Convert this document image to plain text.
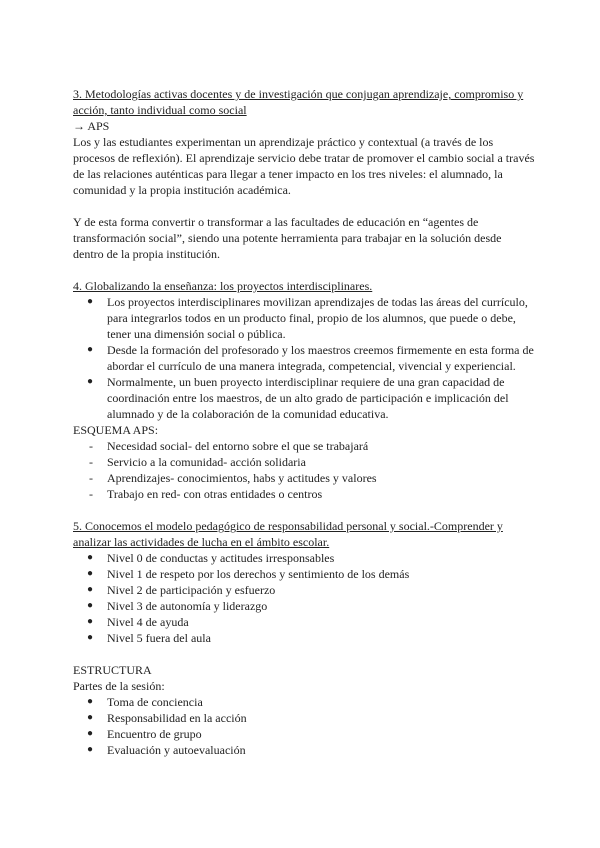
3. Metodologías activas docentes y de investigación que conjugan aprendizaje, compromiso y acción, tanto individual como social

→ APS

Los y las estudiantes experimentan un aprendizaje práctico y contextual (a través de los procesos de reflexión). El aprendizaje servicio debe tratar de promover el cambio social a través de las relaciones auténticas para llegar a tener impacto en los tres niveles: el alumnado, la comunidad y la propia institución académica.

Y de esta forma convertir o transformar a las facultades de educación en “agentes de transformación social”, siendo una potente herramienta para trabajar en la solución desde dentro de la propia institución.

4. Globalizando la enseñanza: los proyectos interdisciplinares.

● Los proyectos interdisciplinares movilizan aprendizajes de todas las áreas del currículo, para integrarlos todos en un producto final, propio de los alumnos, que puede o debe, tener una dimensión social o pública.
● Desde la formación del profesorado y los maestros creemos firmemente en esta forma de abordar el currículo de una manera integrada, competencial, vivencial y experiencial.
● Normalmente, un buen proyecto interdisciplinar requiere de una gran capacidad de coordinación entre los maestros, de un alto grado de participación e implicación del alumnado y de la colaboración de la comunidad educativa.

ESQUEMA APS:

- Necesidad social- del entorno sobre el que se trabajará
- Servicio a la comunidad- acción solidaria
- Aprendizajes- conocimientos, habs y actitudes y valores
- Trabajo en red- con otras entidades o centros

5. Conocemos el modelo pedagógico de responsabilidad personal y social.-Comprender y analizar las actividades de lucha en el ámbito escolar.

● Nivel 0 de conductas y actitudes irresponsables
● Nivel 1 de respeto por los derechos y sentimiento de los demás
● Nivel 2 de participación y esfuerzo
● Nivel 3 de autonomía y liderazgo
● Nivel 4 de ayuda
● Nivel 5 fuera del aula

ESTRUCTURA

Partes de la sesión:

● Toma de conciencia
● Responsabilidad en la acción
● Encuentro de grupo
● Evaluación y autoevaluación
